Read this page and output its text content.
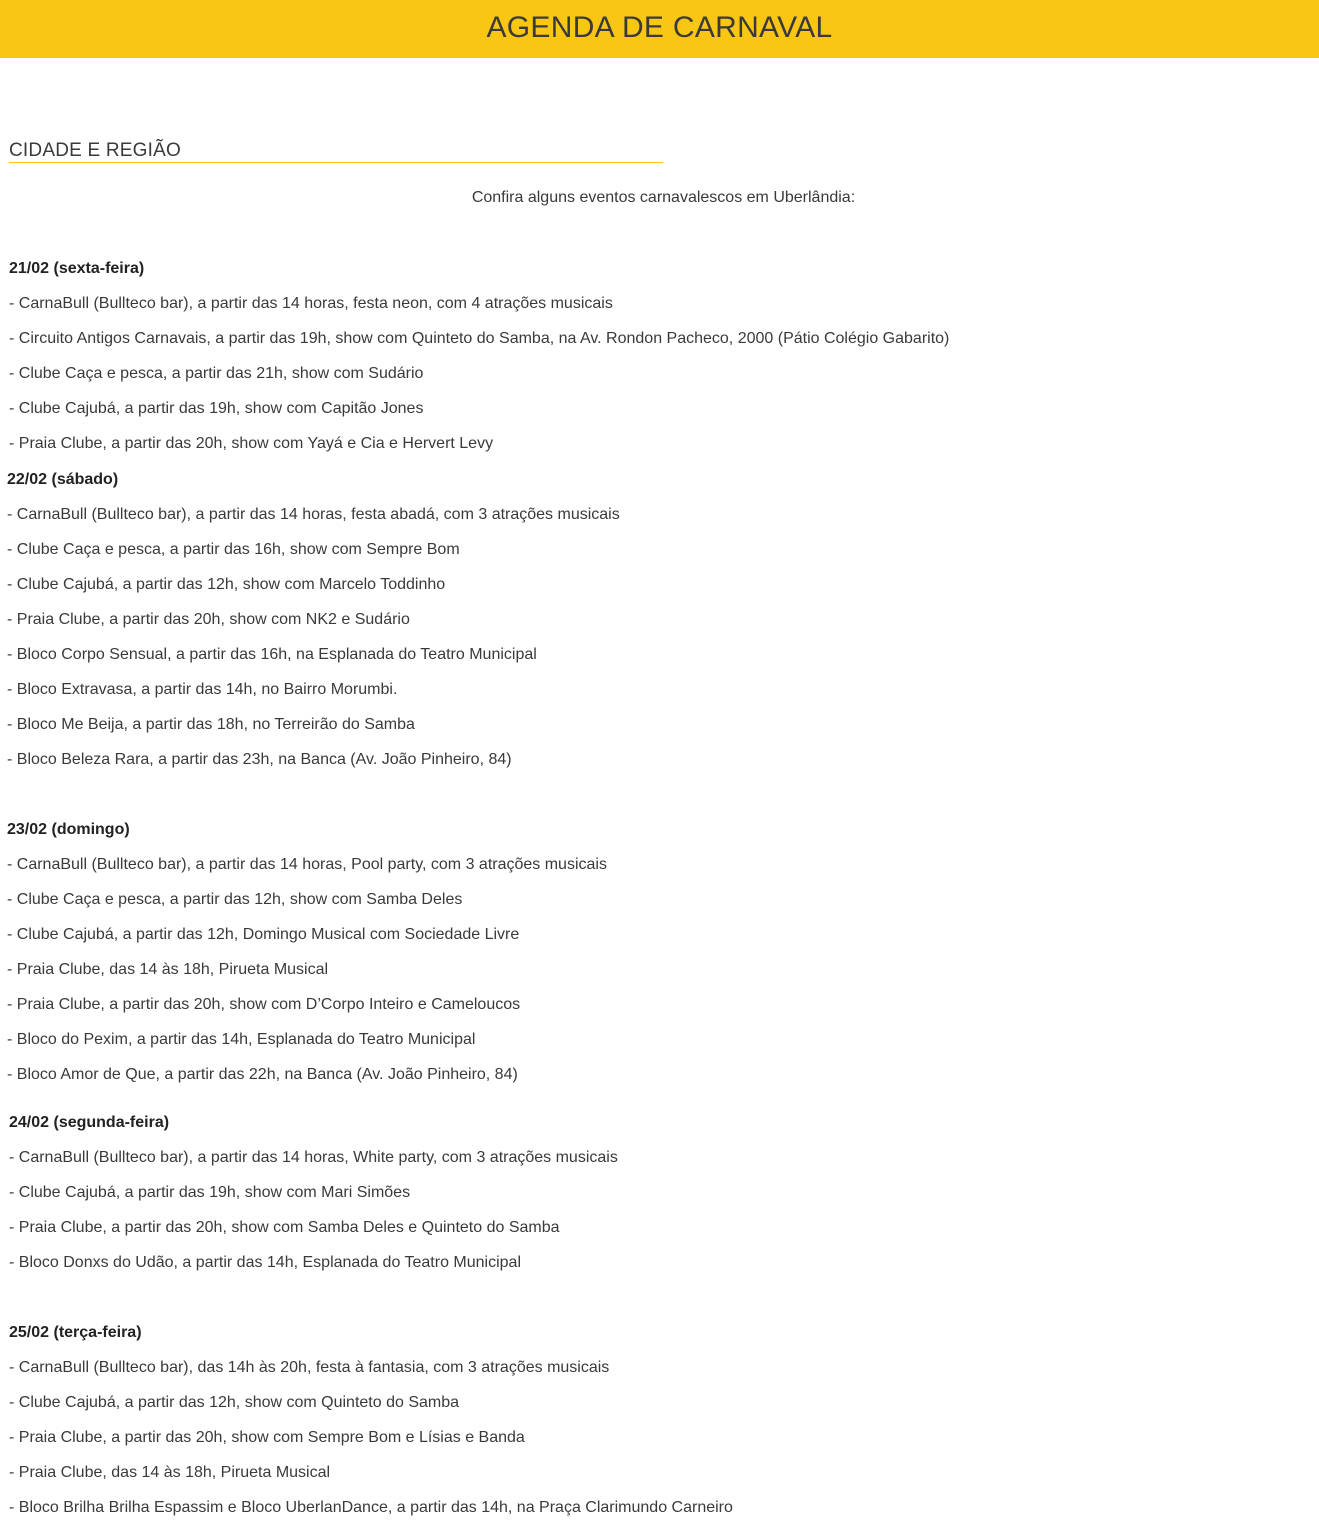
AGENDA DE CARNAVAL
CIDADE E REGIÃO
Confira alguns eventos carnavalescos em Uberlândia:
21/02 (sexta-feira)
- CarnaBull (Bullteco bar), a partir das 14 horas, festa neon, com 4 atrações musicais
- Circuito Antigos Carnavais, a partir das 19h, show com Quinteto do Samba, na Av. Rondon Pacheco, 2000 (Pátio Colégio Gabarito)
- Clube Caça e pesca, a partir das 21h, show com Sudário
- Clube Cajubá, a partir das 19h, show com Capitão Jones
- Praia Clube, a partir das 20h, show com Yayá e Cia e Hervert Levy
22/02 (sábado)
- CarnaBull (Bullteco bar), a partir das 14 horas, festa abadá, com 3 atrações musicais
- Clube Caça e pesca, a partir das 16h, show com Sempre Bom
- Clube Cajubá, a partir das 12h, show com Marcelo Toddinho
- Praia Clube, a partir das 20h, show com NK2 e Sudário
- Bloco Corpo Sensual, a partir das 16h, na Esplanada do Teatro Municipal
- Bloco Extravasa, a partir das 14h, no Bairro Morumbi.
- Bloco Me Beija, a partir das 18h, no Terreirão do Samba
- Bloco Beleza Rara, a partir das 23h, na Banca (Av. João Pinheiro, 84)
23/02 (domingo)
- CarnaBull (Bullteco bar), a partir das 14 horas, Pool party, com 3 atrações musicais
- Clube Caça e pesca, a partir das 12h, show com Samba Deles
- Clube Cajubá, a partir das 12h, Domingo Musical com Sociedade Livre
- Praia Clube, das 14 às 18h, Pirueta Musical
- Praia Clube, a partir das 20h, show com D’Corpo Inteiro e Cameloucos
- Bloco do Pexim, a partir das 14h, Esplanada do Teatro Municipal
- Bloco Amor de Que, a partir das 22h, na Banca (Av. João Pinheiro, 84)
24/02 (segunda-feira)
- CarnaBull (Bullteco bar), a partir das 14 horas, White party, com 3 atrações musicais
- Clube Cajubá, a partir das 19h, show com Mari Simões
- Praia Clube, a partir das 20h, show com Samba Deles e Quinteto do Samba
- Bloco Donxs do Udão, a partir das 14h, Esplanada do Teatro Municipal
25/02 (terça-feira)
- CarnaBull (Bullteco bar), das 14h às 20h, festa à fantasia, com 3 atrações musicais
- Clube Cajubá, a partir das 12h, show com Quinteto do Samba
- Praia Clube, a partir das 20h, show com Sempre Bom e Lísias e Banda
- Praia Clube, das 14 às 18h, Pirueta Musical
- Bloco Brilha Brilha Espassim e Bloco UberlanDance, a partir das 14h, na Praça Clarimundo Carneiro
